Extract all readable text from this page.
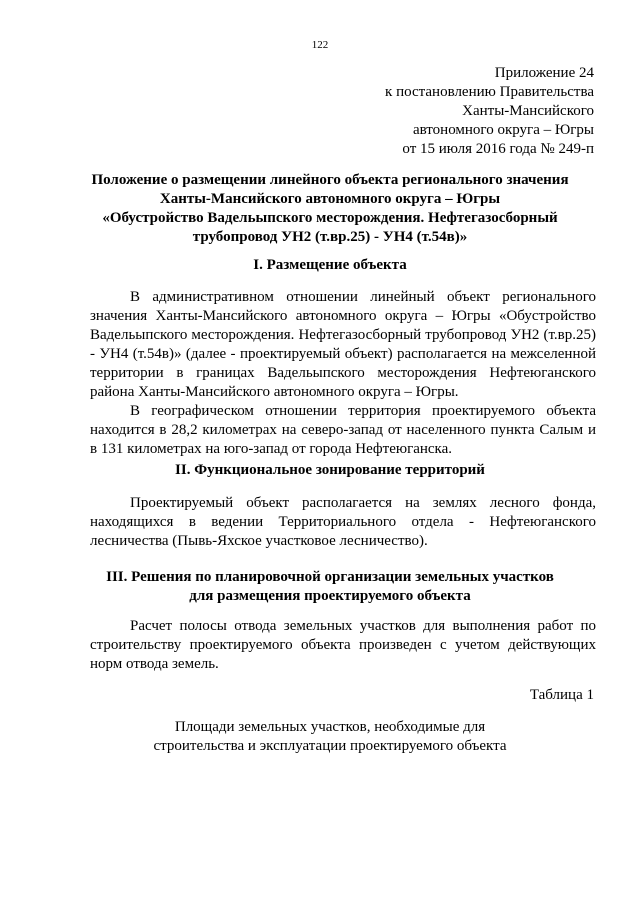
122
Приложение 24
к постановлению Правительства
Ханты-Мансийского
автономного округа – Югры
от 15 июля 2016 года № 249-п
Положение о размещении линейного объекта регионального значения
Ханты-Мансийского автономного округа – Югры
«Обустройство Вадельыпского месторождения. Нефтегазосборный
трубопровод УН2 (т.вр.25) - УН4 (т.54в)»
I. Размещение объекта

В административном отношении линейный объект регионального значения Ханты-Мансийского автономного округа – Югры «Обустройство Вадельыпского месторождения. Нефтегазосборный трубопровод УН2 (т.вр.25) - УН4 (т.54в)» (далее - проектируемый объект) располагается на межселенной территории в границах Вадельыпского месторождения Нефтеюганского района Ханты-Мансийского автономного округа – Югры.

В географическом отношении территория проектируемого объекта находится в 28,2 километрах на северо-запад от населенного пункта Салым и в 131 километрах на юго-запад от города Нефтеюганска.

II. Функциональное зонирование территорий

Проектируемый объект располагается на землях лесного фонда, находящихся в ведении Территориального отдела - Нефтеюганского лесничества (Пывь-Яхское участковое лесничество).

III. Решения по планировочной организации земельных участков
для размещения проектируемого объекта

Расчет полосы отвода земельных участков для выполнения работ по строительству проектируемого объекта произведен с учетом действующих норм отвода земель.

Таблица 1
Площади земельных участков, необходимые для
строительства и эксплуатации проектируемого объекта
